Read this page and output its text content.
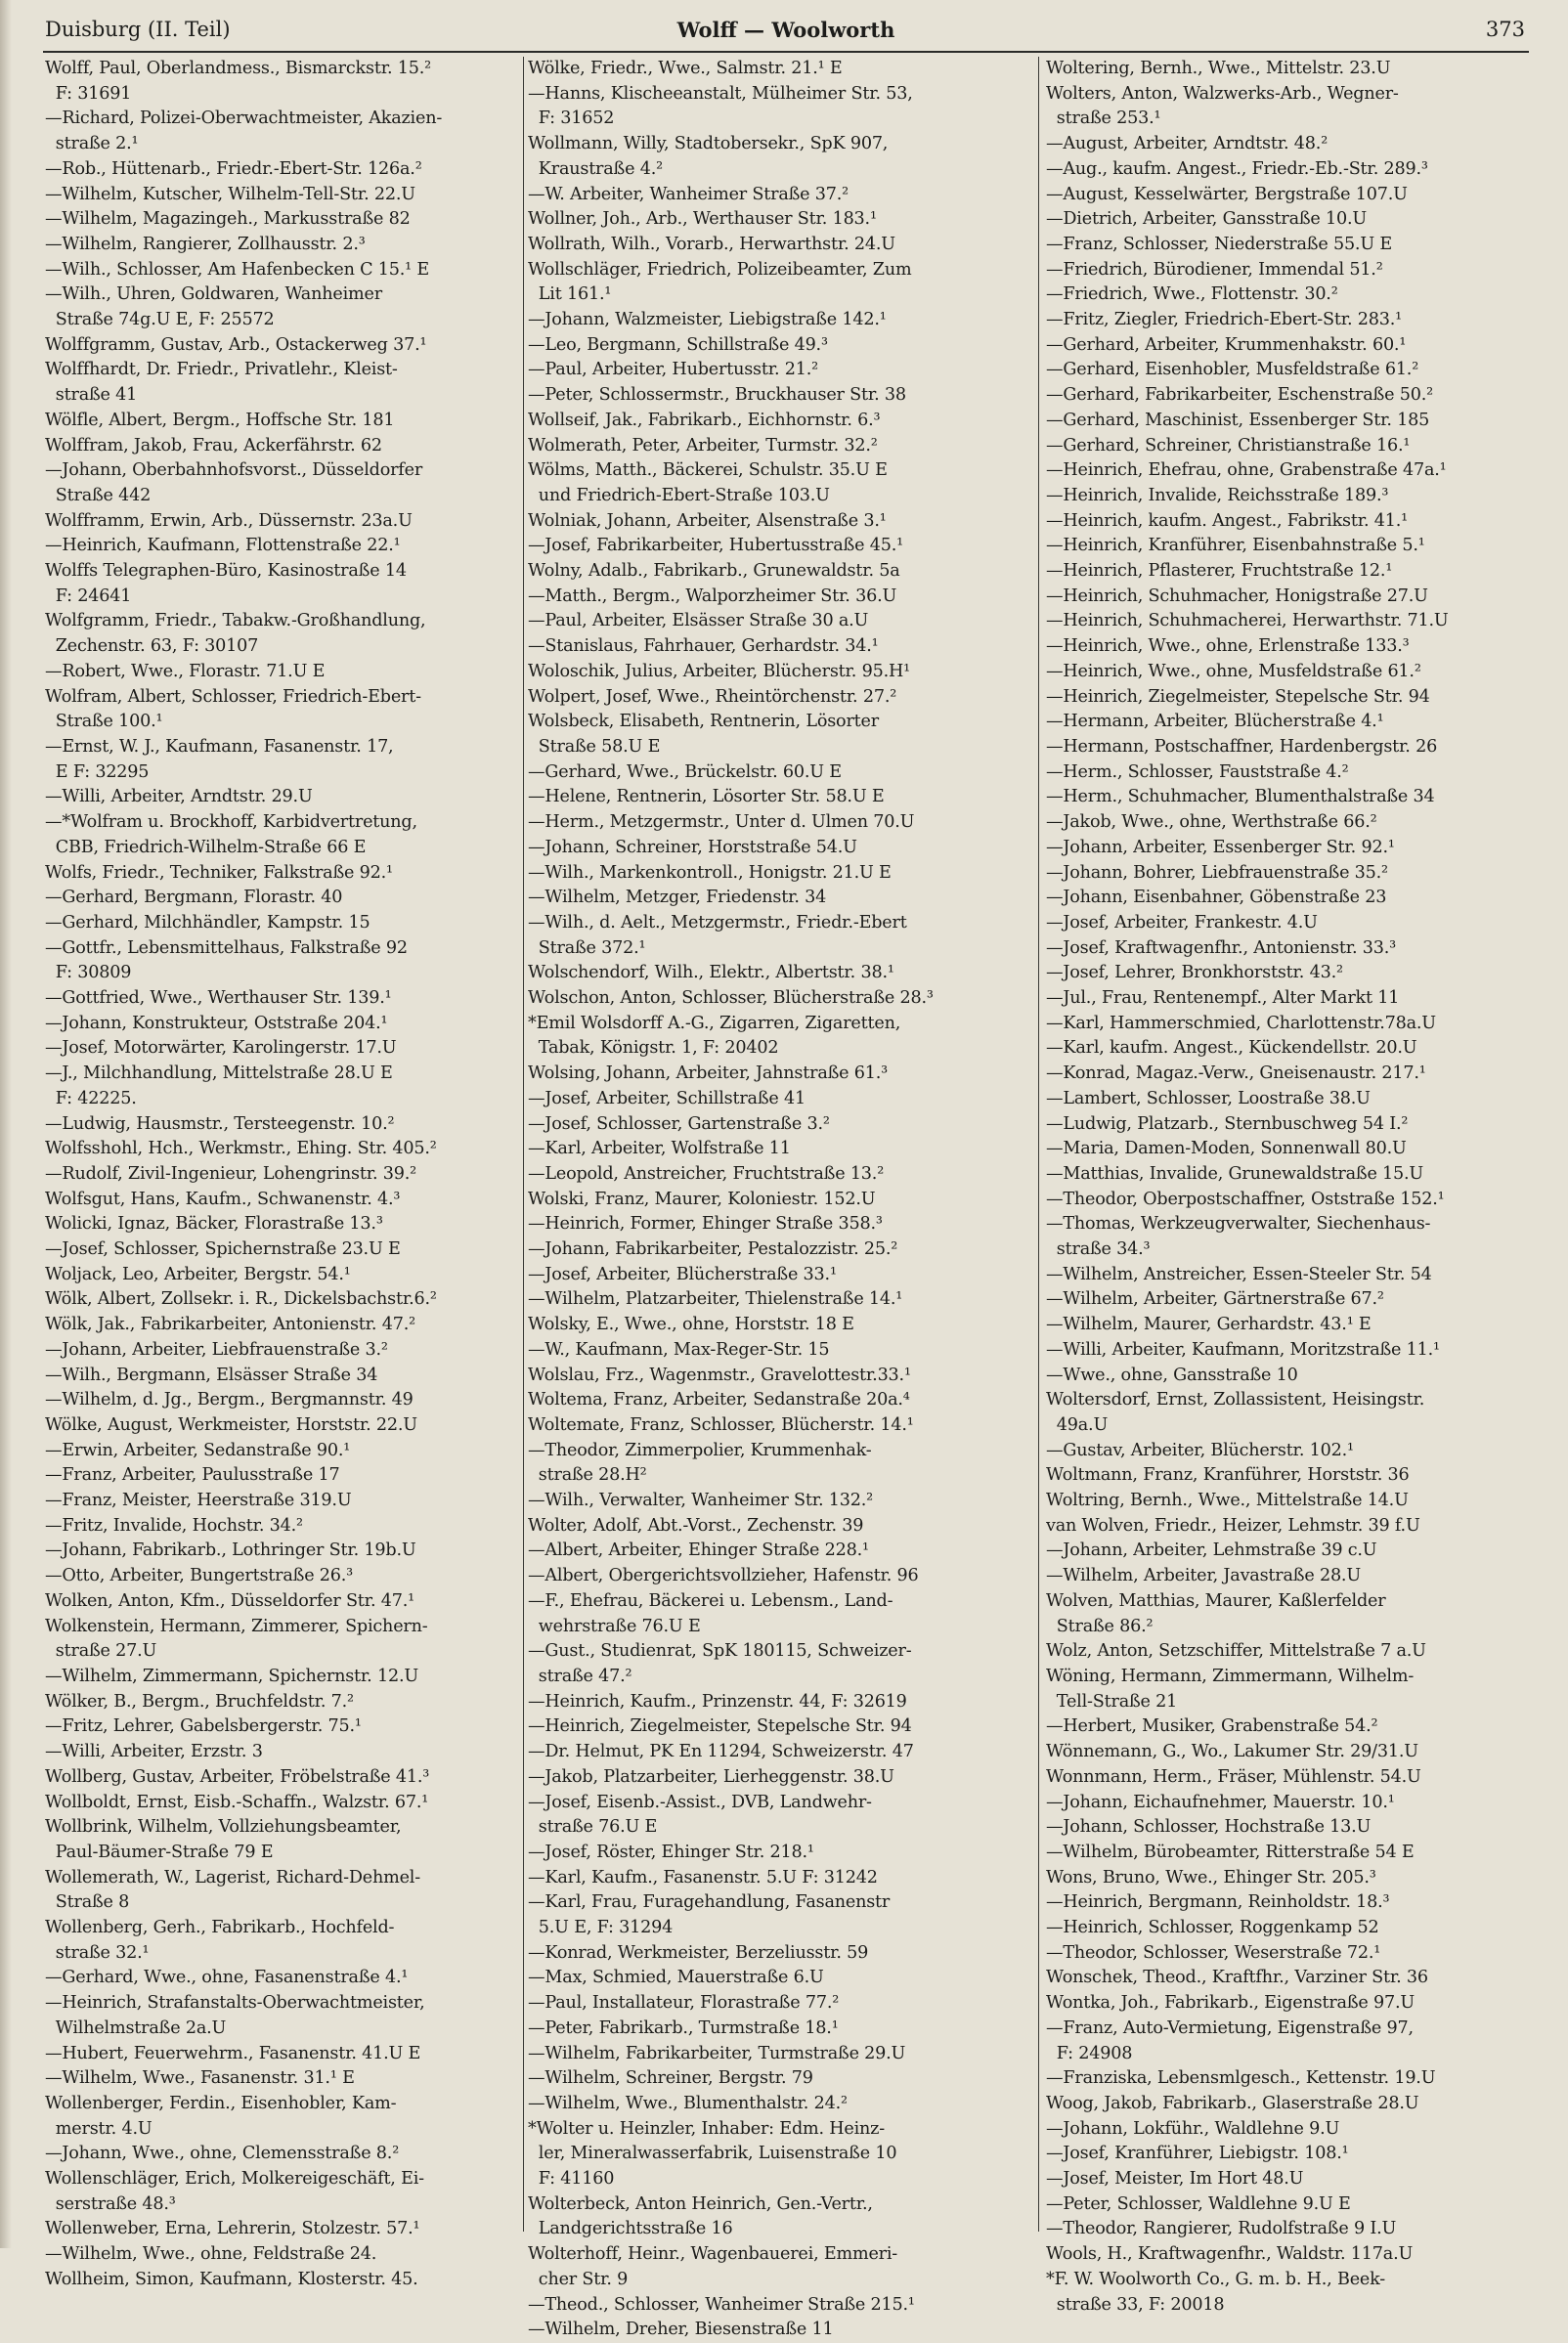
Duisburg (II. Teil)	Wolff — Woolworth	373
Wolff, Paul, Oberlandmess., Bismarckstr. 15.²
F: 31691
—Richard, Polizei-Oberwachtmeister, Akazien-
straße 2.¹
—Rob., Hüttenarb., Friedr.-Ebert-Str. 126a.²
—Wilhelm, Kutscher, Wilhelm-Tell-Str. 22.U
—Wilhelm, Magazingeh., Markusstraße 82
—Wilhelm, Rangierer, Zollhausstr. 2.³
—Wilh., Schlosser, Am Hafenbecken C 15.¹ E
—Wilh., Uhren, Goldwaren, Wanheimer
Straße 74g.U E, F: 25572
Wolffgramm, Gustav, Arb., Ostackerweg 37.¹
Wolffhardt, Dr. Friedr., Privatlehr., Kleist-
straße 41
Wölfle, Albert, Bergm., Hoffsche Str. 181
Wolffram, Jakob, Frau, Ackerfährstr. 62
—Johann, Oberbahnhofsvorst., Düsseldorfer
Straße 442
Wolfframm, Erwin, Arb., Düssernstr. 23a.U
—Heinrich, Kaufmann, Flottenstraße 22.¹
Wolffs Telegraphen-Büro, Kasinostraße 14
F: 24641
Wolfgramm, Friedr., Tabakw.-Großhandlung,
Zechenstr. 63, F: 30107
—Robert, Wwe., Florastr. 71.U E
Wolfram, Albert, Schlosser, Friedrich-Ebert-
Straße 100.¹
—Ernst, W. J., Kaufmann, Fasanenstr. 17,
E F: 32295
—Willi, Arbeiter, Arndtstr. 29.U
—*Wolfram u. Brockhoff, Karbidvertretung,
CBB, Friedrich-Wilhelm-Straße 66 E
Wolfs, Friedr., Techniker, Falkstraße 92.¹
—Gerhard, Bergmann, Florastr. 40
—Gerhard, Milchhändler, Kampstr. 15
—Gottfr., Lebensmittelhaus, Falkstraße 92
F: 30809
—Gottfried, Wwe., Werthauser Str. 139.¹
—Johann, Konstrukteur, Oststraße 204.¹
—Josef, Motorwärter, Karolingerstr. 17.U
—J., Milchhandlung, Mittelstraße 28.U E
F: 42225.
—Ludwig, Hausmstr., Tersteegenstr. 10.²
Wolfsshohl, Hch., Werkmstr., Ehing. Str. 405.²
—Rudolf, Zivil-Ingenieur, Lohengrinstr. 39.²
Wolfsgut, Hans, Kaufm., Schwanenstr. 4.³
Wolicki, Ignaz, Bäcker, Florastraße 13.³
—Josef, Schlosser, Spichernstraße 23.U E
Woljack, Leo, Arbeiter, Bergstr. 54.¹
Wölk, Albert, Zollsekr. i. R., Dickelsbachstr.6.²
Wölk, Jak., Fabrikarbeiter, Antonienstr. 47.²
—Johann, Arbeiter, Liebfrauenstraße 3.²
—Wilh., Bergmann, Elsässer Straße 34
—Wilhelm, d. Jg., Bergm., Bergmannstr. 49
Wölke, August, Werkmeister, Horststr. 22.U
—Erwin, Arbeiter, Sedanstraße 90.¹
—Franz, Arbeiter, Paulusstraße 17
—Franz, Meister, Heerstraße 319.U
—Fritz, Invalide, Hochstr. 34.²
—Johann, Fabrikarb., Lothringer Str. 19b.U
—Otto, Arbeiter, Bungertstraße 26.³
Wolken, Anton, Kfm., Düsseldorfer Str. 47.¹
Wolkenstein, Hermann, Zimmerer, Spichern-
straße 27.U
—Wilhelm, Zimmermann, Spichernstr. 12.U
Wölker, B., Bergm., Bruchfeldstr. 7.²
—Fritz, Lehrer, Gabelsbergerstr. 75.¹
—Willi, Arbeiter, Erzstr. 3
Wollberg, Gustav, Arbeiter, Fröbelstraße 41.³
Wollboldt, Ernst, Eisb.-Schaffn., Walzstr. 67.¹
Wollbrink, Wilhelm, Vollziehungsbeamter,
Paul-Bäumer-Straße 79 E
Wollemerath, W., Lagerist, Richard-Dehmel-
Straße 8
Wollenberg, Gerh., Fabrikarb., Hochfeld-
straße 32.¹
—Gerhard, Wwe., ohne, Fasanenstraße 4.¹
—Heinrich, Strafanstalts-Oberwachtmeister,
Wilhelmstraße 2a.U
—Hubert, Feuerwehrm., Fasanenstr. 41.U E
—Wilhelm, Wwe., Fasanenstr. 31.¹ E
Wollenberger, Ferdin., Eisenhobler, Kam-
merstr. 4.U
—Johann, Wwe., ohne, Clemensstraße 8.²
Wollenschläger, Erich, Molkereigeschäft, Ei-
serstraße 48.³
Wollenweber, Erna, Lehrerin, Stolzestr. 57.¹
—Wilhelm, Wwe., ohne, Feldstraße 24.
Wollheim, Simon, Kaufmann, Klosterstr. 45.
Wölke, Friedr., Wwe., Salmstr. 21.¹ E
—Hanns, Klischeeanstalt, Mülheimer Str. 53,
F: 31652
Wollmann, Willy, Stadtobersekr., SpK 907,
Kraustraße 4.²
—W. Arbeiter, Wanheimer Straße 37.²
Wollner, Joh., Arb., Werthauser Str. 183.¹
Wollrath, Wilh., Vorarb., Herwarthstr. 24.U
Wollschläger, Friedrich, Polizeibeamter, Zum
Lit 161.¹
—Johann, Walzmeister, Liebigstraße 142.¹
—Leo, Bergmann, Schillstraße 49.³
—Paul, Arbeiter, Hubertusstr. 21.²
—Peter, Schlossermstr., Bruckhauser Str. 38
Wollseif, Jak., Fabrikarb., Eichhornstr. 6.³
Wolmerath, Peter, Arbeiter, Turmstr. 32.²
Wölms, Matth., Bäckerei, Schulstr. 35.U E
und Friedrich-Ebert-Straße 103.U
Wolniak, Johann, Arbeiter, Alsenstraße 3.¹
—Josef, Fabrikarbeiter, Hubertusstraße 45.¹
Wolny, Adalb., Fabrikarb., Grunewaldstr. 5a
—Matth., Bergm., Walporzheimer Str. 36.U
—Paul, Arbeiter, Elsässer Straße 30 a.U
—Stanislaus, Fahrhauer, Gerhardstr. 34.¹
Woloschik, Julius, Arbeiter, Blücherstr. 95.H¹
Wolpert, Josef, Wwe., Rheintörchenstr. 27.²
Wolsbeck, Elisabeth, Rentnerin, Lösorter
Straße 58.U E
—Gerhard, Wwe., Brückelstr. 60.U E
—Helene, Rentnerin, Lösorter Str. 58.U E
—Herm., Metzgermstr., Unter d. Ulmen 70.U
—Johann, Schreiner, Horststraße 54.U
—Wilh., Markenkontroll., Honigstr. 21.U E
—Wilhelm, Metzger, Friedenstr. 34
—Wilh., d. Aelt., Metzgermstr., Friedr.-Ebert
Straße 372.¹
Wolschendorf, Wilh., Elektr., Albertstr. 38.¹
Wolschon, Anton, Schlosser, Blücherstraße 28.³
*Emil Wolsdorff A.-G., Zigarren, Zigaretten,
Tabak, Königstr. 1, F: 20402
Wolsing, Johann, Arbeiter, Jahnstraße 61.³
—Josef, Arbeiter, Schillstraße 41
—Josef, Schlosser, Gartenstraße 3.²
—Karl, Arbeiter, Wolfstraße 11
—Leopold, Anstreicher, Fruchtstraße 13.²
Wolski, Franz, Maurer, Koloniestr. 152.U
—Heinrich, Former, Ehinger Straße 358.³
—Johann, Fabrikarbeiter, Pestalozzistr. 25.²
—Josef, Arbeiter, Blücherstraße 33.¹
—Wilhelm, Platzarbeiter, Thielenstraße 14.¹
Wolsky, E., Wwe., ohne, Horststr. 18 E
—W., Kaufmann, Max-Reger-Str. 15
Wolslau, Frz., Wagenmstr., Gravelottestr.33.¹
Woltema, Franz, Arbeiter, Sedanstraße 20a.⁴
Woltemate, Franz, Schlosser, Blücherstr. 14.¹
—Theodor, Zimmerpolier, Krummenhak-
straße 28.H²
—Wilh., Verwalter, Wanheimer Str. 132.²
Wolter, Adolf, Abt.-Vorst., Zechenstr. 39
—Albert, Arbeiter, Ehinger Straße 228.¹
—Albert, Obergerichtsvollzieher, Hafenstr. 96
—F., Ehefrau, Bäckerei u. Lebensm., Land-
wehrstraße 76.U E
—Gust., Studienrat, SpK 180115, Schweizer-
straße 47.²
—Heinrich, Kaufm., Prinzenstr. 44, F: 32619
—Heinrich, Ziegelmeister, Stepelsche Str. 94
—Dr. Helmut, PK En 11294, Schweizerstr. 47
—Jakob, Platzarbeiter, Lierheggenstr. 38.U
—Josef, Eisenb.-Assist., DVB, Landwehr-
straße 76.U E
—Josef, Röster, Ehinger Str. 218.¹
—Karl, Kaufm., Fasanenstr. 5.U F: 31242
—Karl, Frau, Furagehandlung, Fasanenstr
5.U E, F: 31294
—Konrad, Werkmeister, Berzeliusstr. 59
—Max, Schmied, Mauerstraße 6.U
—Paul, Installateur, Florastraße 77.²
—Peter, Fabrikarb., Turmstraße 18.¹
—Wilhelm, Fabrikarbeiter, Turmstraße 29.U
—Wilhelm, Schreiner, Bergstr. 79
—Wilhelm, Wwe., Blumenthalstr. 24.²
*Wolter u. Heinzler, Inhaber: Edm. Heinz-
ler, Mineralwasserfabrik, Luisenstraße 10
F: 41160
Wolterbeck, Anton Heinrich, Gen.-Vertr.,
Landgerichtsstraße 16
Wolterhoff, Heinr., Wagenbauerei, Emmeri-
cher Str. 9
—Theod., Schlosser, Wanheimer Straße 215.¹
—Wilhelm, Dreher, Biesenstraße 11
Woltering, Bernh., Wwe., Mittelstr. 23.U
Wolters, Anton, Walzwerks-Arb., Wegner-
straße 253.¹
—August, Arbeiter, Arndtstr. 48.²
—Aug., kaufm. Angest., Friedr.-Eb.-Str. 289.³
—August, Kesselwärter, Bergstraße 107.U
—Dietrich, Arbeiter, Gansstraße 10.U
—Franz, Schlosser, Niederstraße 55.U E
—Friedrich, Bürodiener, Immendal 51.²
—Friedrich, Wwe., Flottenstr. 30.²
—Fritz, Ziegler, Friedrich-Ebert-Str. 283.¹
—Gerhard, Arbeiter, Krummenhakstr. 60.¹
—Gerhard, Eisenhobler, Musfeldstraße 61.²
—Gerhard, Fabrikarbeiter, Eschenstraße 50.²
—Gerhard, Maschinist, Essenberger Str. 185
—Gerhard, Schreiner, Christianstraße 16.¹
—Heinrich, Ehefrau, ohne, Grabenstraße 47a.¹
—Heinrich, Invalide, Reichsstraße 189.³
—Heinrich, kaufm. Angest., Fabrikstr. 41.¹
—Heinrich, Kranführer, Eisenbahnstraße 5.¹
—Heinrich, Pflasterer, Fruchtstraße 12.¹
—Heinrich, Schuhmacher, Honigstraße 27.U
—Heinrich, Schuhmacherei, Herwarthstr. 71.U
—Heinrich, Wwe., ohne, Erlenstraße 133.³
—Heinrich, Wwe., ohne, Musfeldstraße 61.²
—Heinrich, Ziegelmeister, Stepelsche Str. 94
—Hermann, Arbeiter, Blücherstraße 4.¹
—Hermann, Postschaffner, Hardenbergstr. 26
—Herm., Schlosser, Fauststraße 4.²
—Herm., Schuhmacher, Blumenthalstraße 34
—Jakob, Wwe., ohne, Werthstraße 66.²
—Johann, Arbeiter, Essenberger Str. 92.¹
—Johann, Bohrer, Liebfrauenstraße 35.²
—Johann, Eisenbahner, Göbenstraße 23
—Josef, Arbeiter, Frankestr. 4.U
—Josef, Kraftwagenfhr., Antonienstr. 33.³
—Josef, Lehrer, Bronkhorststr. 43.²
—Jul., Frau, Rentenempf., Alter Markt 11
—Karl, Hammerschmied, Charlottenstr.78a.U
—Karl, kaufm. Angest., Kückendellstr. 20.U
—Konrad, Magaz.-Verw., Gneisenaustr. 217.¹
—Lambert, Schlosser, Loostraße 38.U
—Ludwig, Platzarb., Sternbuschweg 54 I.²
—Maria, Damen-Moden, Sonnenwall 80.U
—Matthias, Invalide, Grunewaldstraße 15.U
—Theodor, Oberpostschaffner, Oststraße 152.¹
—Thomas, Werkzeugverwalter, Siechenhaus-
straße 34.³
—Wilhelm, Anstreicher, Essen-Steeler Str. 54
—Wilhelm, Arbeiter, Gärtnerstraße 67.²
—Wilhelm, Maurer, Gerhardstr. 43.¹ E
—Willi, Arbeiter, Kaufmann, Moritzstraße 11.¹
—Wwe., ohne, Gansstraße 10
Woltersdorf, Ernst, Zollassistent, Heisingstr.
49a.U
—Gustav, Arbeiter, Blücherstr. 102.¹
Woltmann, Franz, Kranführer, Horststr. 36
Woltring, Bernh., Wwe., Mittelstraße 14.U
van Wolven, Friedr., Heizer, Lehmstr. 39 f.U
—Johann, Arbeiter, Lehmstraße 39 c.U
—Wilhelm, Arbeiter, Javastraße 28.U
Wolven, Matthias, Maurer, Kaßlerfelder
Straße 86.²
Wolz, Anton, Setzschiffer, Mittelstraße 7 a.U
Wöning, Hermann, Zimmermann, Wilhelm-
Tell-Straße 21
—Herbert, Musiker, Grabenstraße 54.²
Wönnemann, G., Wo., Lakumer Str. 29/31.U
Wonnmann, Herm., Fräser, Mühlenstr. 54.U
—Johann, Eichaufnehmer, Mauerstr. 10.¹
—Johann, Schlosser, Hochstraße 13.U
—Wilhelm, Bürobeamter, Ritterstraße 54 E
Wons, Bruno, Wwe., Ehinger Str. 205.³
—Heinrich, Bergmann, Reinholdstr. 18.³
—Heinrich, Schlosser, Roggenkamp 52
—Theodor, Schlosser, Weserstraße 72.¹
Wonschek, Theod., Kraftfhr., Varziner Str. 36
Wontka, Joh., Fabrikarb., Eigenstraße 97.U
—Franz, Auto-Vermietung, Eigenstraße 97,
F: 24908
—Franziska, Lebensmlgesch., Kettenstr. 19.U
Woog, Jakob, Fabrikarb., Glaserstraße 28.U
—Johann, Lokführ., Waldlehne 9.U
—Josef, Kranführer, Liebigstr. 108.¹
—Josef, Meister, Im Hort 48.U
—Peter, Schlosser, Waldlehne 9.U E
—Theodor, Rangierer, Rudolfstraße 9 I.U
Wools, H., Kraftwagenfhr., Waldstr. 117a.U
*F. W. Woolworth Co., G. m. b. H., Beek-
straße 33, F: 20018
